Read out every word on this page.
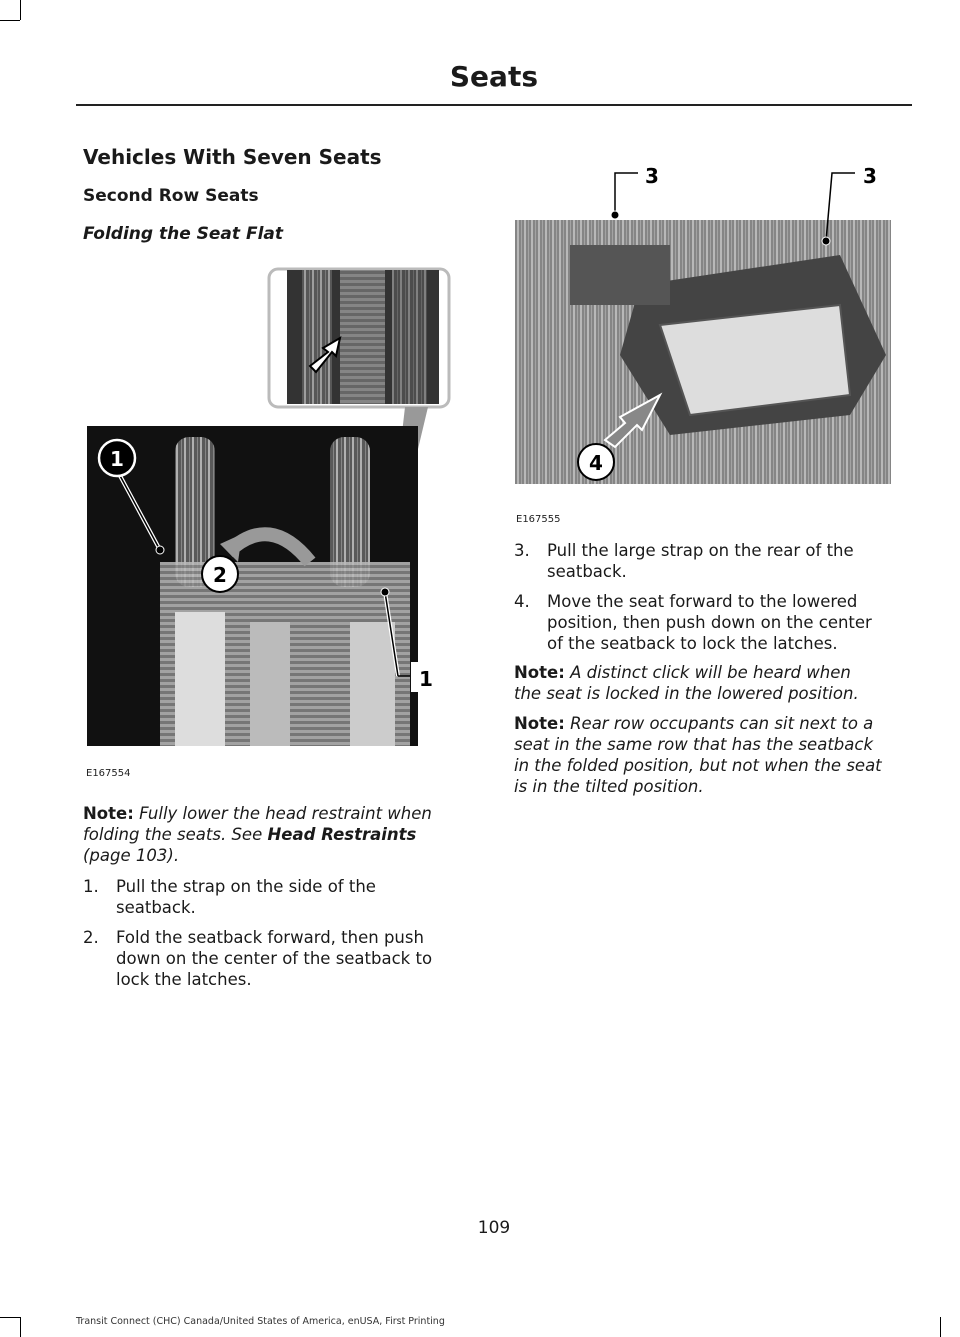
Seats
Vehicles With Seven Seats
Second Row Seats
Folding the Seat Flat
1
2
1
E167554
3	3
4
E167555
Note: Fully lower the head restraint when folding the seats. See Head Restraints
(page 103).
1. Pull the strap on the side of the
seatback.
2. Fold the seatback forward, then push
down on the center of the seatback to
lock the latches.
3. Pull the large strap on the rear of the
seatback.
4. Move the seat forward to the lowered
position, then push down on the center
of the seatback to lock the latches.
Note: A distinct click will be heard when
the seat is locked in the lowered position.
Note: Rear row occupants can sit next to a
seat in the same row that has the seatback
in the folded position, but not when the seat
is in the tilted position.
109
Transit Connect (CHC) Canada/United States of America, enUSA, First Printing
